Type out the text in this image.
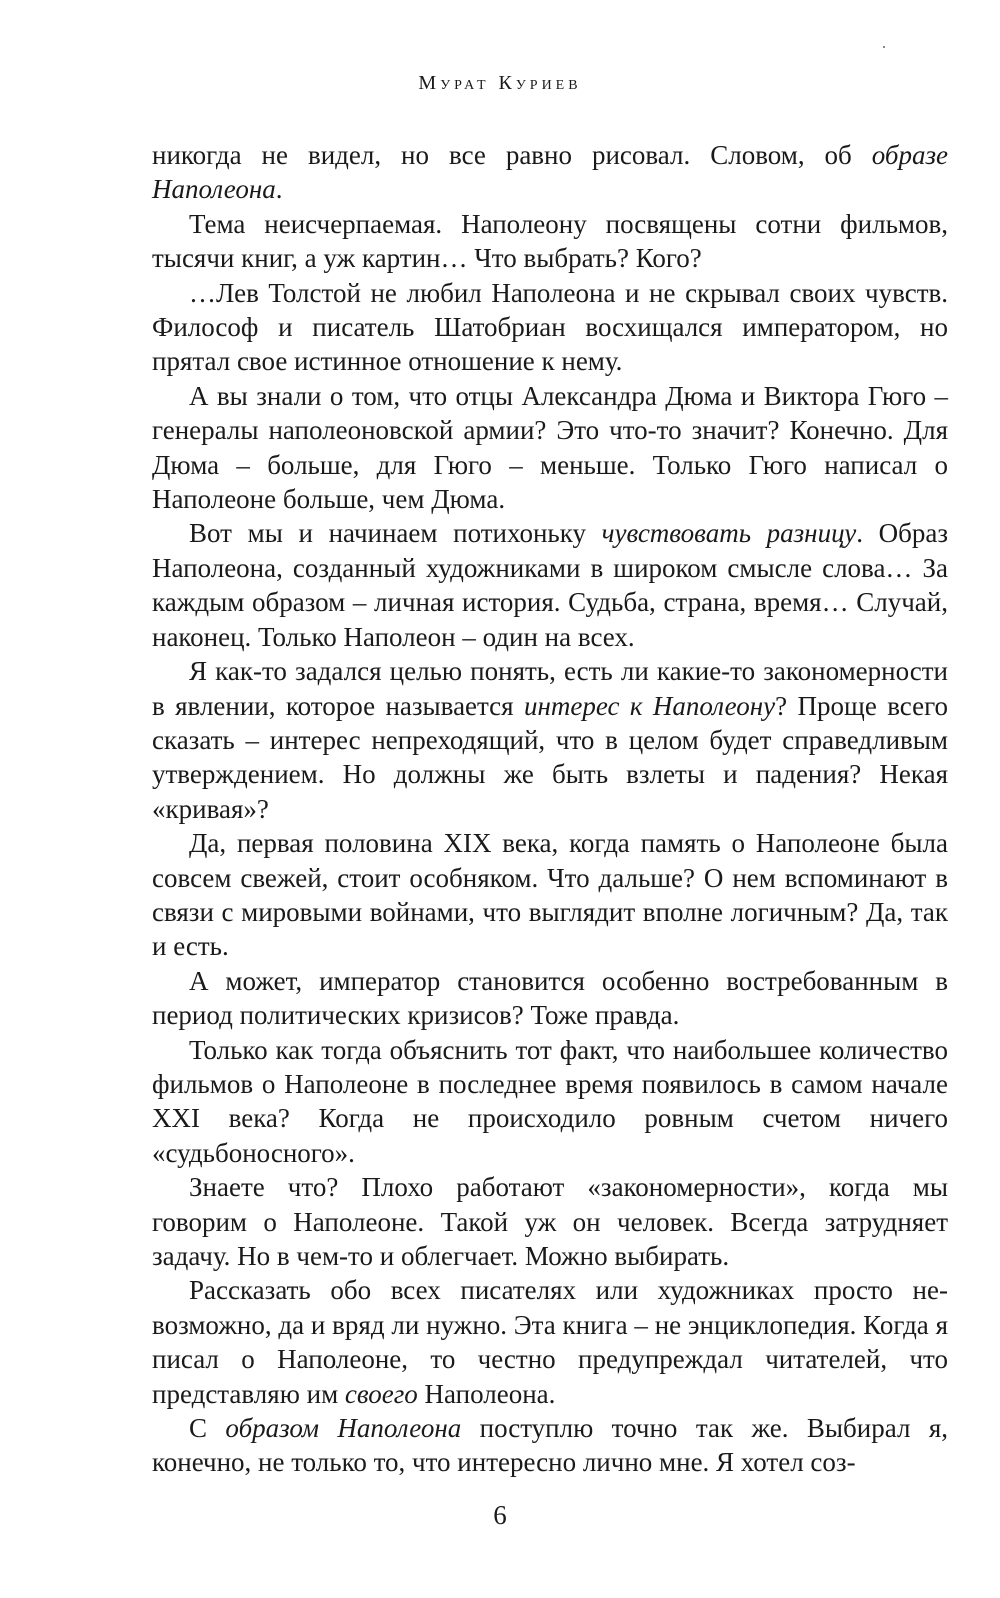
Мурат Куриев

никогда не видел, но все равно рисовал. Словом, об образе Наполеона.

Тема неисчерпаемая. Наполеону посвящены сотни фильмов, тысячи книг, а уж картин… Что выбрать? Кого?

…Лев Толстой не любил Наполеона и не скрывал своих чувств. Философ и писатель Шатобриан восхищался императором, но прятал свое истинное отношение к нему.

А вы знали о том, что отцы Александра Дюма и Виктора Гюго – генералы наполеоновской армии? Это что-то значит? Конечно. Для Дюма – больше, для Гюго – меньше. Только Гюго написал о Наполеоне больше, чем Дюма.

Вот мы и начинаем потихоньку чувствовать разницу. Образ Наполеона, созданный художниками в широком смысле слова… За каждым образом – личная история. Судьба, страна, время… Случай, наконец. Только Наполеон – один на всех.

Я как-то задался целью понять, есть ли какие-то закономерности в явлении, которое называется интерес к Наполеону? Проще всего сказать – интерес непреходящий, что в целом будет справедливым утверждением. Но должны же быть взлеты и падения? Некая «кривая»?

Да, первая половина XIX века, когда память о Наполеоне была совсем свежей, стоит особняком. Что дальше? О нем вспоминают в связи с мировыми войнами, что выглядит вполне логичным? Да, так и есть.

А может, император становится особенно востребованным в период политических кризисов? Тоже правда.

Только как тогда объяснить тот факт, что наибольшее количество фильмов о Наполеоне в последнее время появилось в самом начале XXI века? Когда не происходило ровным счетом ничего «судьбоносного».

Знаете что? Плохо работают «закономерности», когда мы говорим о Наполеоне. Такой уж он человек. Всегда затрудняет задачу. Но в чем-то и облегчает. Можно выбирать.

Рассказать обо всех писателях или художниках просто невозможно, да и вряд ли нужно. Эта книга – не энциклопедия. Когда я писал о Наполеоне, то честно предупреждал читателей, что представляю им своего Наполеона.

С образом Наполеона поступлю точно так же. Выбирал я, конечно, не только то, что интересно лично мне. Я хотел соз-

6
